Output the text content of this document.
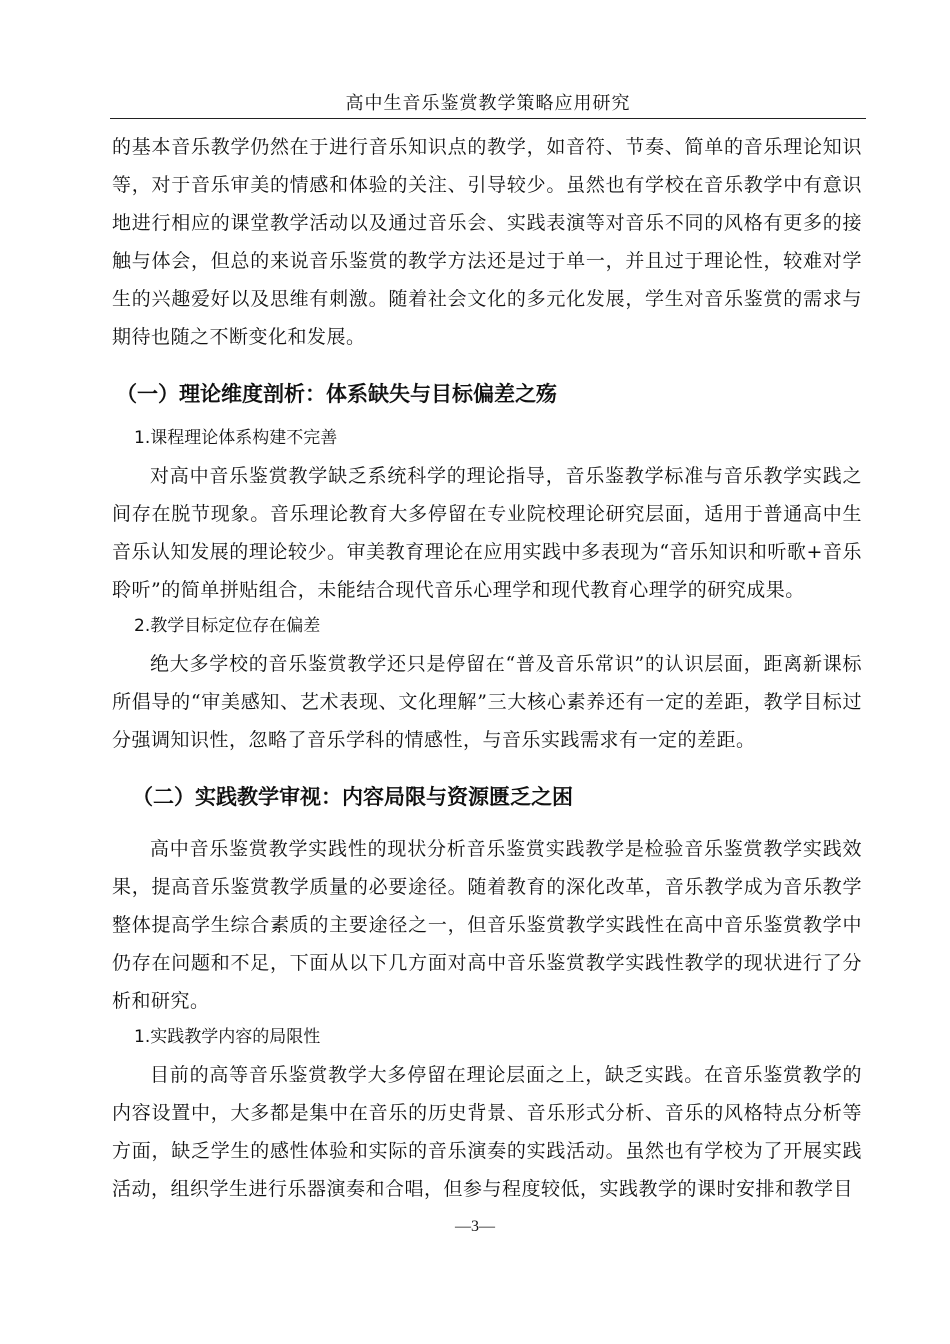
高中生音乐鉴赏教学策略应用研究

的基本音乐教学仍然在于进行音乐知识点的教学，如音符、节奏、简单的音乐理论知识等，对于音乐审美的情感和体验的关注、引导较少。虽然也有学校在音乐教学中有意识地进行相应的课堂教学活动以及通过音乐会、实践表演等对音乐不同的风格有更多的接触与体会，但总的来说音乐鉴赏的教学方法还是过于单一，并且过于理论性，较难对学生的兴趣爱好以及思维有刺激。随着社会文化的多元化发展，学生对音乐鉴赏的需求与期待也随之不断变化和发展。

（一）理论维度剖析：体系缺失与目标偏差之殇
1.课程理论体系构建不完善

对高中音乐鉴赏教学缺乏系统科学的理论指导，音乐鉴教学标准与音乐教学实践之间存在脱节现象。音乐理论教育大多停留在专业院校理论研究层面，适用于普通高中生音乐认知发展的理论较少。审美教育理论在应用实践中多表现为“音乐知识和听歌+音乐聆听”的简单拼贴组合，未能结合现代音乐心理学和现代教育心理学的研究成果。

2.教学目标定位存在偏差

绝大多学校的音乐鉴赏教学还只是停留在“普及音乐常识”的认识层面，距离新课标所倡导的“审美感知、艺术表现、文化理解”三大核心素养还有一定的差距，教学目标过分强调知识性，忽略了音乐学科的情感性，与音乐实践需求有一定的差距。

（二）实践教学审视：内容局限与资源匮乏之困

高中音乐鉴赏教学实践性的现状分析音乐鉴赏实践教学是检验音乐鉴赏教学实践效果，提高音乐鉴赏教学质量的必要途径。随着教育的深化改革，音乐教学成为音乐教学整体提高学生综合素质的主要途径之一，但音乐鉴赏教学实践性在高中音乐鉴赏教学中仍存在问题和不足，下面从以下几方面对高中音乐鉴赏教学实践性教学的现状进行了分析和研究。

1.实践教学内容的局限性

目前的高等音乐鉴赏教学大多停留在理论层面之上，缺乏实践。在音乐鉴赏教学的内容设置中，大多都是集中在音乐的历史背景、音乐形式分析、音乐的风格特点分析等方面，缺乏学生的感性体验和实际的音乐演奏的实践活动。虽然也有学校为了开展实践活动，组织学生进行乐器演奏和合唱，但参与程度较低，实践教学的课时安排和教学目

—3—
